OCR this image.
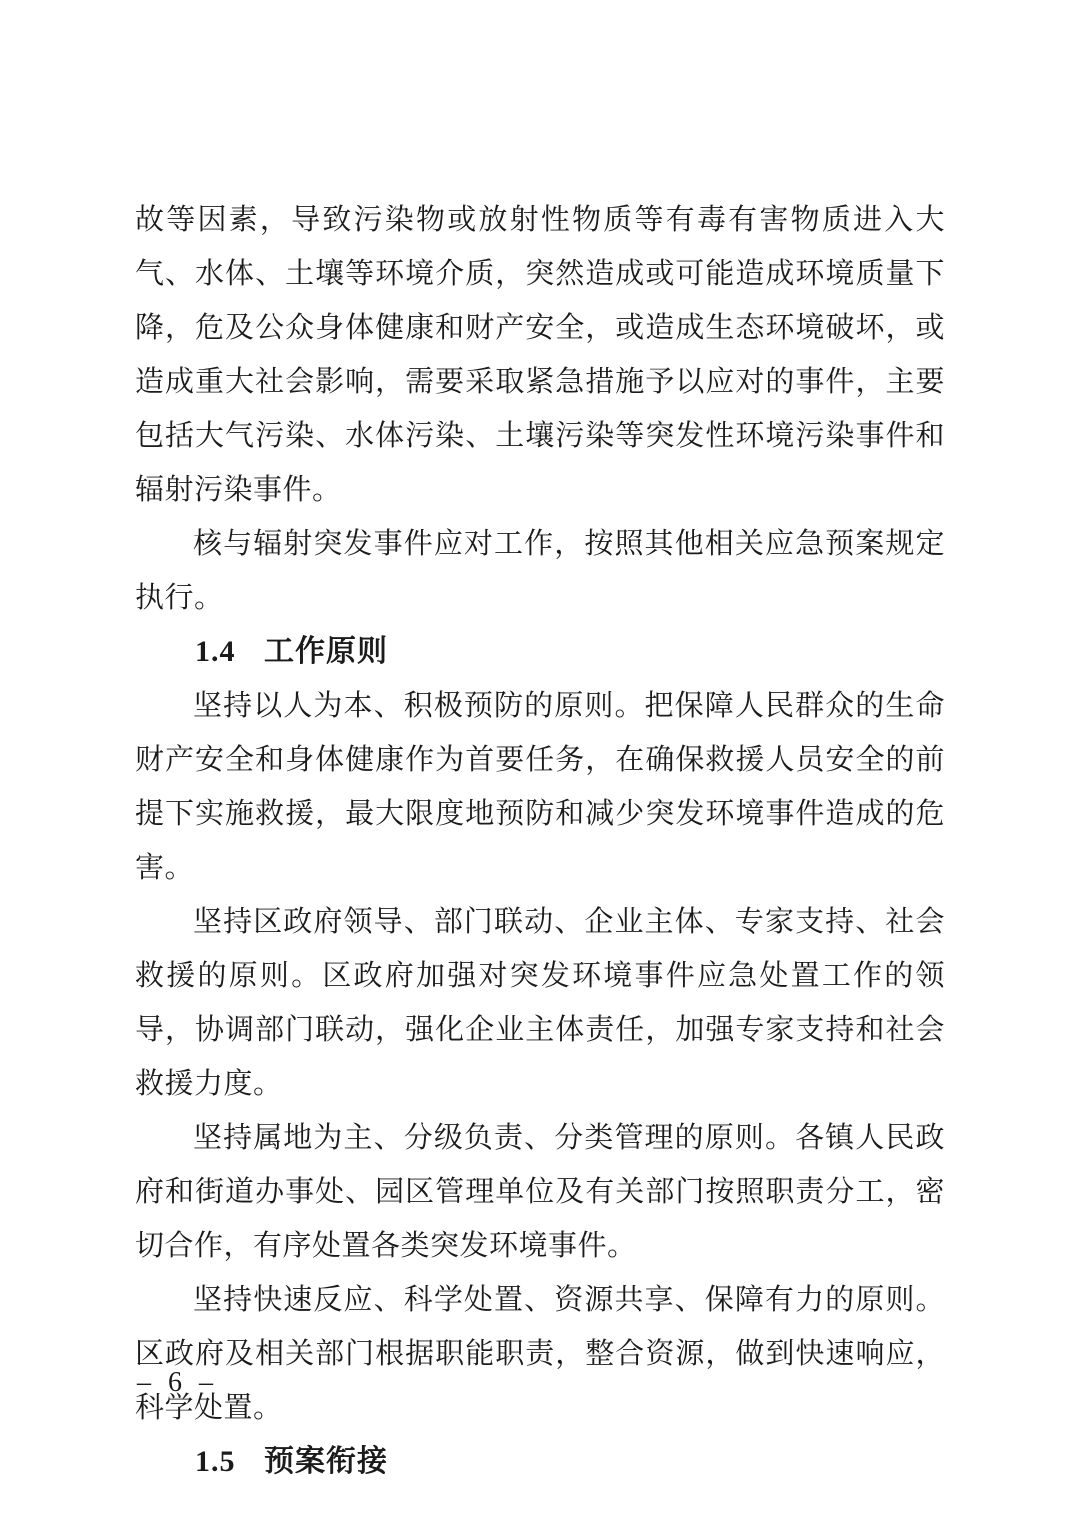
故等因素，导致污染物或放射性物质等有毒有害物质进入大气、水体、土壤等环境介质，突然造成或可能造成环境质量下降，危及公众身体健康和财产安全，或造成生态环境破坏，或造成重大社会影响，需要采取紧急措施予以应对的事件，主要包括大气污染、水体污染、土壤污染等突发性环境污染事件和辐射污染事件。

核与辐射突发事件应对工作，按照其他相关应急预案规定执行。

1.4 工作原则

坚持以人为本、积极预防的原则。把保障人民群众的生命财产安全和身体健康作为首要任务，在确保救援人员安全的前提下实施救援，最大限度地预防和减少突发环境事件造成的危害。

坚持区政府领导、部门联动、企业主体、专家支持、社会救援的原则。区政府加强对突发环境事件应急处置工作的领导，协调部门联动，强化企业主体责任，加强专家支持和社会救援力度。

坚持属地为主、分级负责、分类管理的原则。各镇人民政府和街道办事处、园区管理单位及有关部门按照职责分工，密切合作，有序处置各类突发环境事件。

坚持快速反应、科学处置、资源共享、保障有力的原则。区政府及相关部门根据职能职责，整合资源，做到快速响应，科学处置。

1.5 预案衔接
– 6 –
